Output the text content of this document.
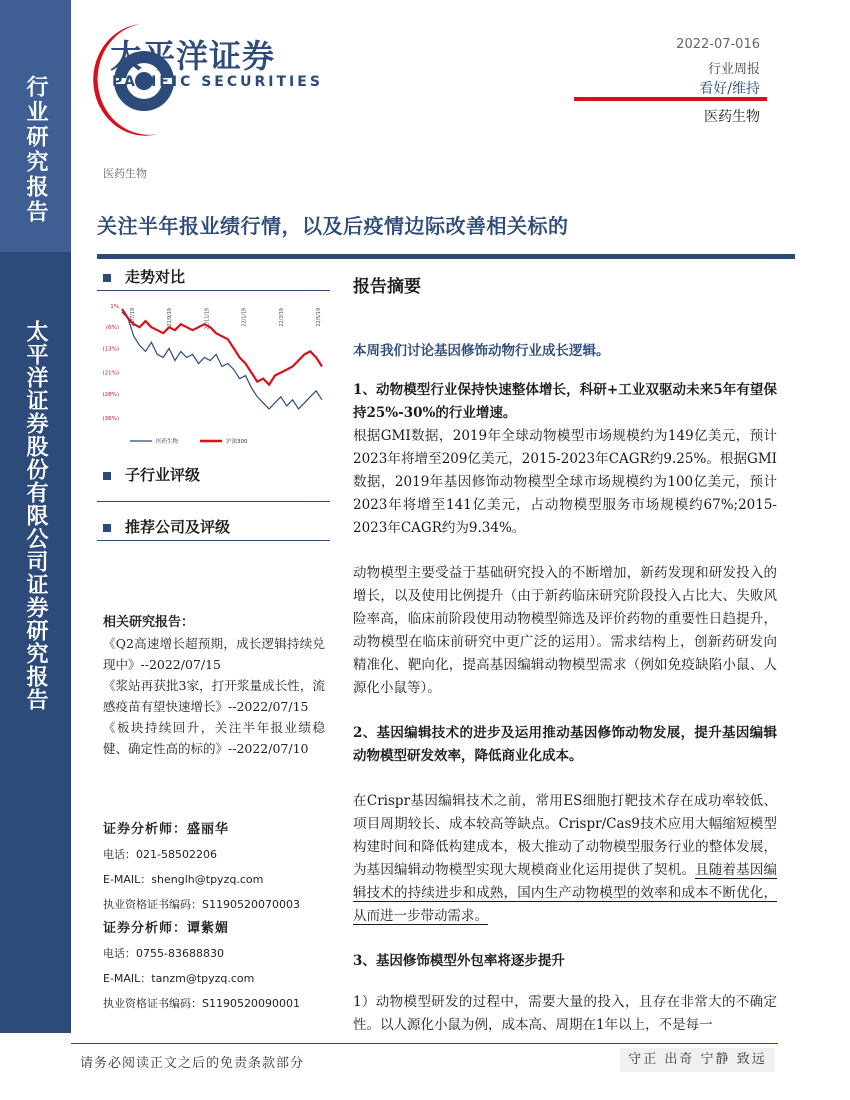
行业研究报告
太平洋证券股份有限公司证券研究报告
太平洋证券
PACIFIC SECURITIES
2022-07-016
行业周报
看好/维持
医药生物
医药生物
关注半年报业绩行情，以及后疫情边际改善相关标的
走势对比
1%
(6%)
(13%)
(21%)
(28%)
(36%)
21/7/19	21/9/19	21/11/19	22/1/19	22/3/19	22/5/19
医药生物	沪深300
子行业评级
推荐公司及评级

相关研究报告：

《Q2高速增长超预期，成长逻辑持续兑现中》--2022/07/15

《浆站再获批3家，打开浆量成长性，流感疫苗有望快速增长》--2022/07/15

《板块持续回升，关注半年报业绩稳健、确定性高的标的》--2022/07/10

证券分析师：盛丽华
电话：021-58502206
E-MAIL：shenglh@tpyzq.com
执业资格证书编码：S1190520070003
证券分析师：谭紫媚
电话：0755-83688830
E-MAIL：tanzm@tpyzq.com
执业资格证书编码：S1190520090001
报告摘要

本周我们讨论基因修饰动物行业成长逻辑。

1、动物模型行业保持快速整体增长，科研+工业双驱动未来5年有望保持25%-30%的行业增速。

根据GMI数据，2019年全球动物模型市场规模约为149亿美元，预计2023年将增至209亿美元，2015-2023年CAGR约9.25%。根据GMI数据，2019年基因修饰动物模型全球市场规模约为100亿美元，预计2023年将增至141亿美元，占动物模型服务市场规模约67%;2015-2023年CAGR约为9.34%。

动物模型主要受益于基础研究投入的不断增加，新药发现和研发投入的增长，以及使用比例提升（由于新药临床研究阶段投入占比大、失败风险率高，临床前阶段使用动物模型筛选及评价药物的重要性日趋提升，动物模型在临床前研究中更广泛的运用）。需求结构上，创新药研发向精准化、靶向化，提高基因编辑动物模型需求（例如免疫缺陷小鼠、人源化小鼠等）。

2、基因编辑技术的进步及运用推动基因修饰动物发展，提升基因编辑动物模型研发效率，降低商业化成本。

在Crispr基因编辑技术之前，常用ES细胞打靶技术存在成功率较低、项目周期较长、成本较高等缺点。Crispr/Cas9技术应用大幅缩短模型构建时间和降低构建成本，极大推动了动物模型服务行业的整体发展，为基因编辑动物模型实现大规模商业化运用提供了契机。且随着基因编辑技术的持续进步和成熟，国内生产动物模型的效率和成本不断优化，从而进一步带动需求。

3、基因修饰模型外包率将逐步提升

1）动物模型研发的过程中，需要大量的投入，且存在非常大的不确定性。以人源化小鼠为例，成本高、周期在1年以上，不是每一

请务必阅读正文之后的免责条款部分	守正 出奇 宁静 致远
